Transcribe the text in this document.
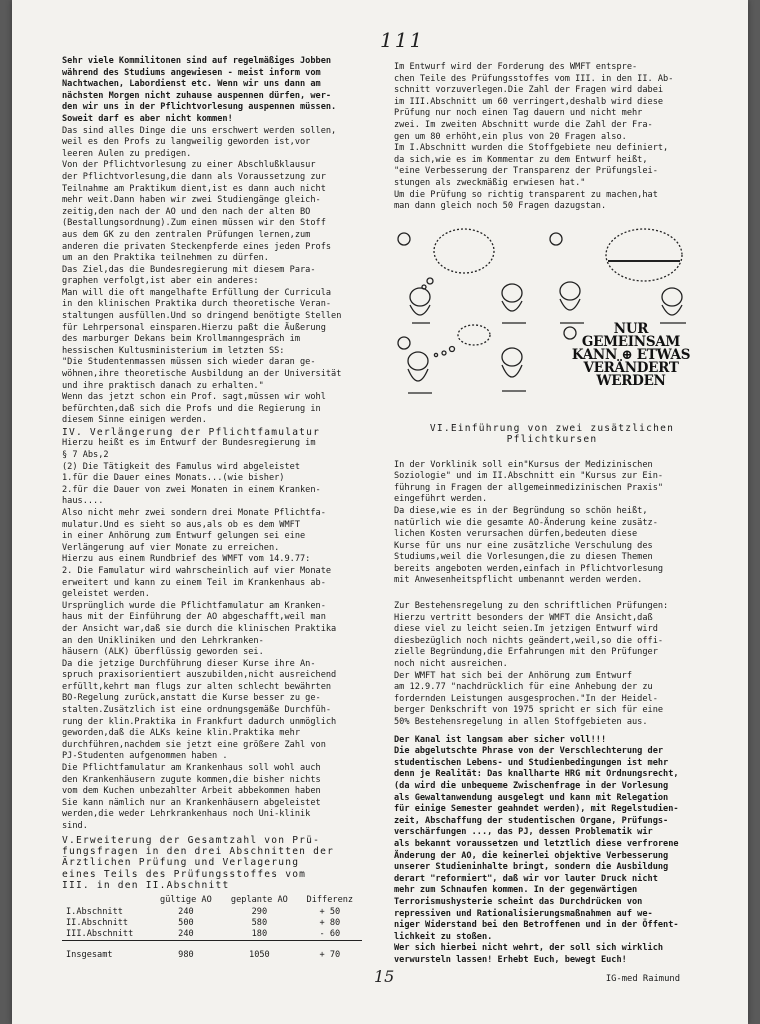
111

Sehr viele Kommilitonen sind auf regelmäßiges Jobben
während des Studiums angewiesen - meist inform vom
Nachtwachen, Labordienst etc. Wenn wir uns dann am
nächsten Morgen nicht zuhause auspennen dürfen, wer-
den wir uns in der Pflichtvorlesung auspennen müssen.
Soweit darf es aber nicht kommen!

Das sind alles Dinge die uns erschwert werden sollen,
weil es den Profs zu langweilig geworden ist,vor
leeren Aulen zu predigen.
Von der Pflichtvorlesung zu einer Abschlußklausur
der Pflichtvorlesung,die dann als Voraussetzung zur
Teilnahme am Praktikum dient,ist es dann auch nicht
mehr weit.Dann haben wir zwei Studiengänge gleich-
zeitig,den nach der AO und den nach der alten BO
(Bestallungsordnung).Zum einen müssen wir den Stoff
aus dem GK zu den zentralen Prüfungen lernen,zum
anderen die privaten Steckenpferde eines jeden Profs
um an den Praktika teilnehmen zu dürfen.
Das Ziel,das die Bundesregierung mit diesem Para-
graphen verfolgt,ist aber ein anderes:
Man will die oft mangelhafte Erfüllung der Curricula
in den klinischen Praktika durch theoretische Veran-
staltungen ausfüllen.Und so dringend benötigte Stellen
für Lehrpersonal einsparen.Hierzu paßt die Äußerung
des marburger Dekans beim Krollmanngespräch im
hessischen Kultusministerium im letzten SS:
"Die Studentenmassen müssen sich wieder daran ge-
wöhnen,ihre theoretische Ausbildung an der Universität
und ihre praktisch danach zu erhalten."
Wenn das jetzt schon ein Prof. sagt,müssen wir wohl
befürchten,daß sich die Profs und die Regierung in
diesem Sinne einigen werden.

IV. Verlängerung der Pflichtfamulatur

Hierzu heißt es im Entwurf der Bundesregierung im
§ 7 Abs,2
(2) Die Tätigkeit des Famulus wird abgeleistet
1.für die Dauer eines Monats...(wie bisher)
2.für die Dauer von zwei Monaten in einem Kranken-
haus....
Also nicht mehr zwei sondern drei Monate Pflichtfa-
mulatur.Und es sieht so aus,als ob es dem WMFT
in einer Anhörung zum Entwurf gelungen sei eine
Verlängerung auf vier Monate zu erreichen.
Hierzu aus einem Rundbrief des WMFT vom 14.9.77:
2. Die Famulatur wird wahrscheinlich auf vier Monate
erweitert und kann zu einem Teil im Krankenhaus ab-
geleistet werden.
Ursprünglich wurde die Pflichtfamulatur am Kranken-
haus mit der Einführung der AO abgeschafft,weil man
der Ansicht war,daß sie durch die klinischen Praktika
an den Unikliniken und den Lehrkranken-
häusern (ALK) überflüssig geworden sei.
Da die jetzige Durchführung dieser Kurse ihre An-
spruch praxisorientiert auszubilden,nicht ausreichend
erfüllt,kehrt man flugs zur alten schlecht bewährten
BO-Regelung zurück,anstatt die Kurse besser zu ge-
stalten.Zusätzlich ist eine ordnungsgemäße Durchfüh-
rung der klin.Praktika in Frankfurt dadurch unmöglich
geworden,daß die ALKs keine klin.Praktika mehr
durchführen,nachdem sie jetzt eine größere Zahl von
PJ-Studenten aufgenommen haben .
Die Pflichtfamulatur am Krankenhaus soll wohl auch
den Krankenhäusern zugute kommen,die bisher nichts
vom dem Kuchen unbezahlter Arbeit abbekommen haben
Sie kann nämlich nur an Krankenhäusern abgeleistet
werden,die weder Lehrkrankenhaus noch Uni-klinik
sind.

V.Erweiterung der Gesamtzahl von Prü-
fungsfragen in den drei Abschnitten der
Ärztlichen Prüfung und Verlagerung
eines Teils des Prüfungsstoffes vom
III. in den II.Abschnitt

	gültige AO	geplante AO	Differenz
I.Abschnitt	240	290	+ 50
II.Abschnitt	500	580	+ 80
III.Abschnitt	240	180	- 60
Insgesamt	980	1050	+ 70

Im Entwurf wird der Forderung des WMFT entspre-
chen Teile des Prüfungsstoffes vom III. in den II. Ab-
schnitt vorzuverlegen.Die Zahl der Fragen wird dabei
im III.Abschnitt um 60 verringert,deshalb wird diese
Prüfung nur noch einen Tag dauern und nicht mehr
zwei. Im zweiten Abschnitt wurde die Zahl der Fra-
gen um 80 erhöht,ein plus von 20 Fragen also.
Im I.Abschnitt wurden die Stoffgebiete neu definiert,
da sich,wie es im Kommentar zu dem Entwurf heißt,
"eine Verbesserung der Transparenz der Prüfungslei-
stungen als zweckmäßig erwiesen hat."
Um die Prüfung so richtig transparent zu machen,hat
man dann gleich noch 50 Fragen dazugstan.

NUR
GEMEINSAM
KANN ⊕ ETWAS
VERÄNDERT
WERDEN

VI.Einführung von zwei zusätzlichen
Pflichtkursen

In der Vorklinik soll ein"Kursus der Medizinischen
Soziologie" und im II.Abschnitt ein "Kursus zur Ein-
führung in Fragen der allgemeinmedizinischen Praxis"
eingeführt werden.
Da diese,wie es in der Begründung so schön heißt,
natürlich wie die gesamte AO-Änderung keine zusätz-
lichen Kosten verursachen dürfen,bedeuten diese
Kurse für uns nur eine zusätzliche Verschulung des
Studiums,weil die Vorlesungen,die zu diesen Themen
bereits angeboten werden,einfach in Pflichtvorlesung
mit Anwesenheitspflicht umbenannt werden werden.

Zur Bestehensregelung zu den schriftlichen Prüfungen:
Hierzu vertritt besonders der WMFT die Ansicht,daß
diese viel zu leicht seien.Im jetzigen Entwurf wird
diesbezüglich noch nichts geändert,weil,so die offi-
zielle Begründung,die Erfahrungen mit den Prüfunger
noch nicht ausreichen.
Der WMFT hat sich bei der Anhörung zum Entwurf
am 12.9.77 "nachdrücklich für eine Anhebung der zu
fordernden Leistungen ausgesprochen."In der Heidel-
berger Denkschrift von 1975 spricht er sich für eine
50% Bestehensregelung in allen Stoffgebieten aus.

Der Kanal ist langsam aber sicher voll!!!
Die abgelutschte Phrase von der Verschlechterung der
studentischen Lebens- und Studienbedingungen ist mehr
denn je Realität: Das knallharte HRG mit Ordnungsrecht,
(da wird die unbequeme Zwischenfrage in der Vorlesung
als Gewaltanwendung ausgelegt und kann mit Relegation
für einige Semester geahndet werden), mit Regelstudien-
zeit, Abschaffung der studentischen Organe, Prüfungs-
verschärfungen ..., das PJ, dessen Problematik wir
als bekannt voraussetzen und letztlich diese verfrorene
Änderung der AO, die keinerlei objektive Verbesserung
unserer Studieninhalte bringt, sondern die Ausbildung
derart "reformiert", daß wir vor lauter Druck nicht
mehr zum Schnaufen kommen. In der gegenwärtigen
Terrorismushysterie scheint das Durchdrücken von
repressiven und Rationalisierungsmaßnahmen auf we-
niger Widerstand bei den Betroffenen und in der Öffent-
lichkeit zu stoßen.
Wer sich hierbei nicht wehrt, der soll sich wirklich
verwursteln lassen! Erhebt Euch, bewegt Euch!

IG-med Raimund

15
